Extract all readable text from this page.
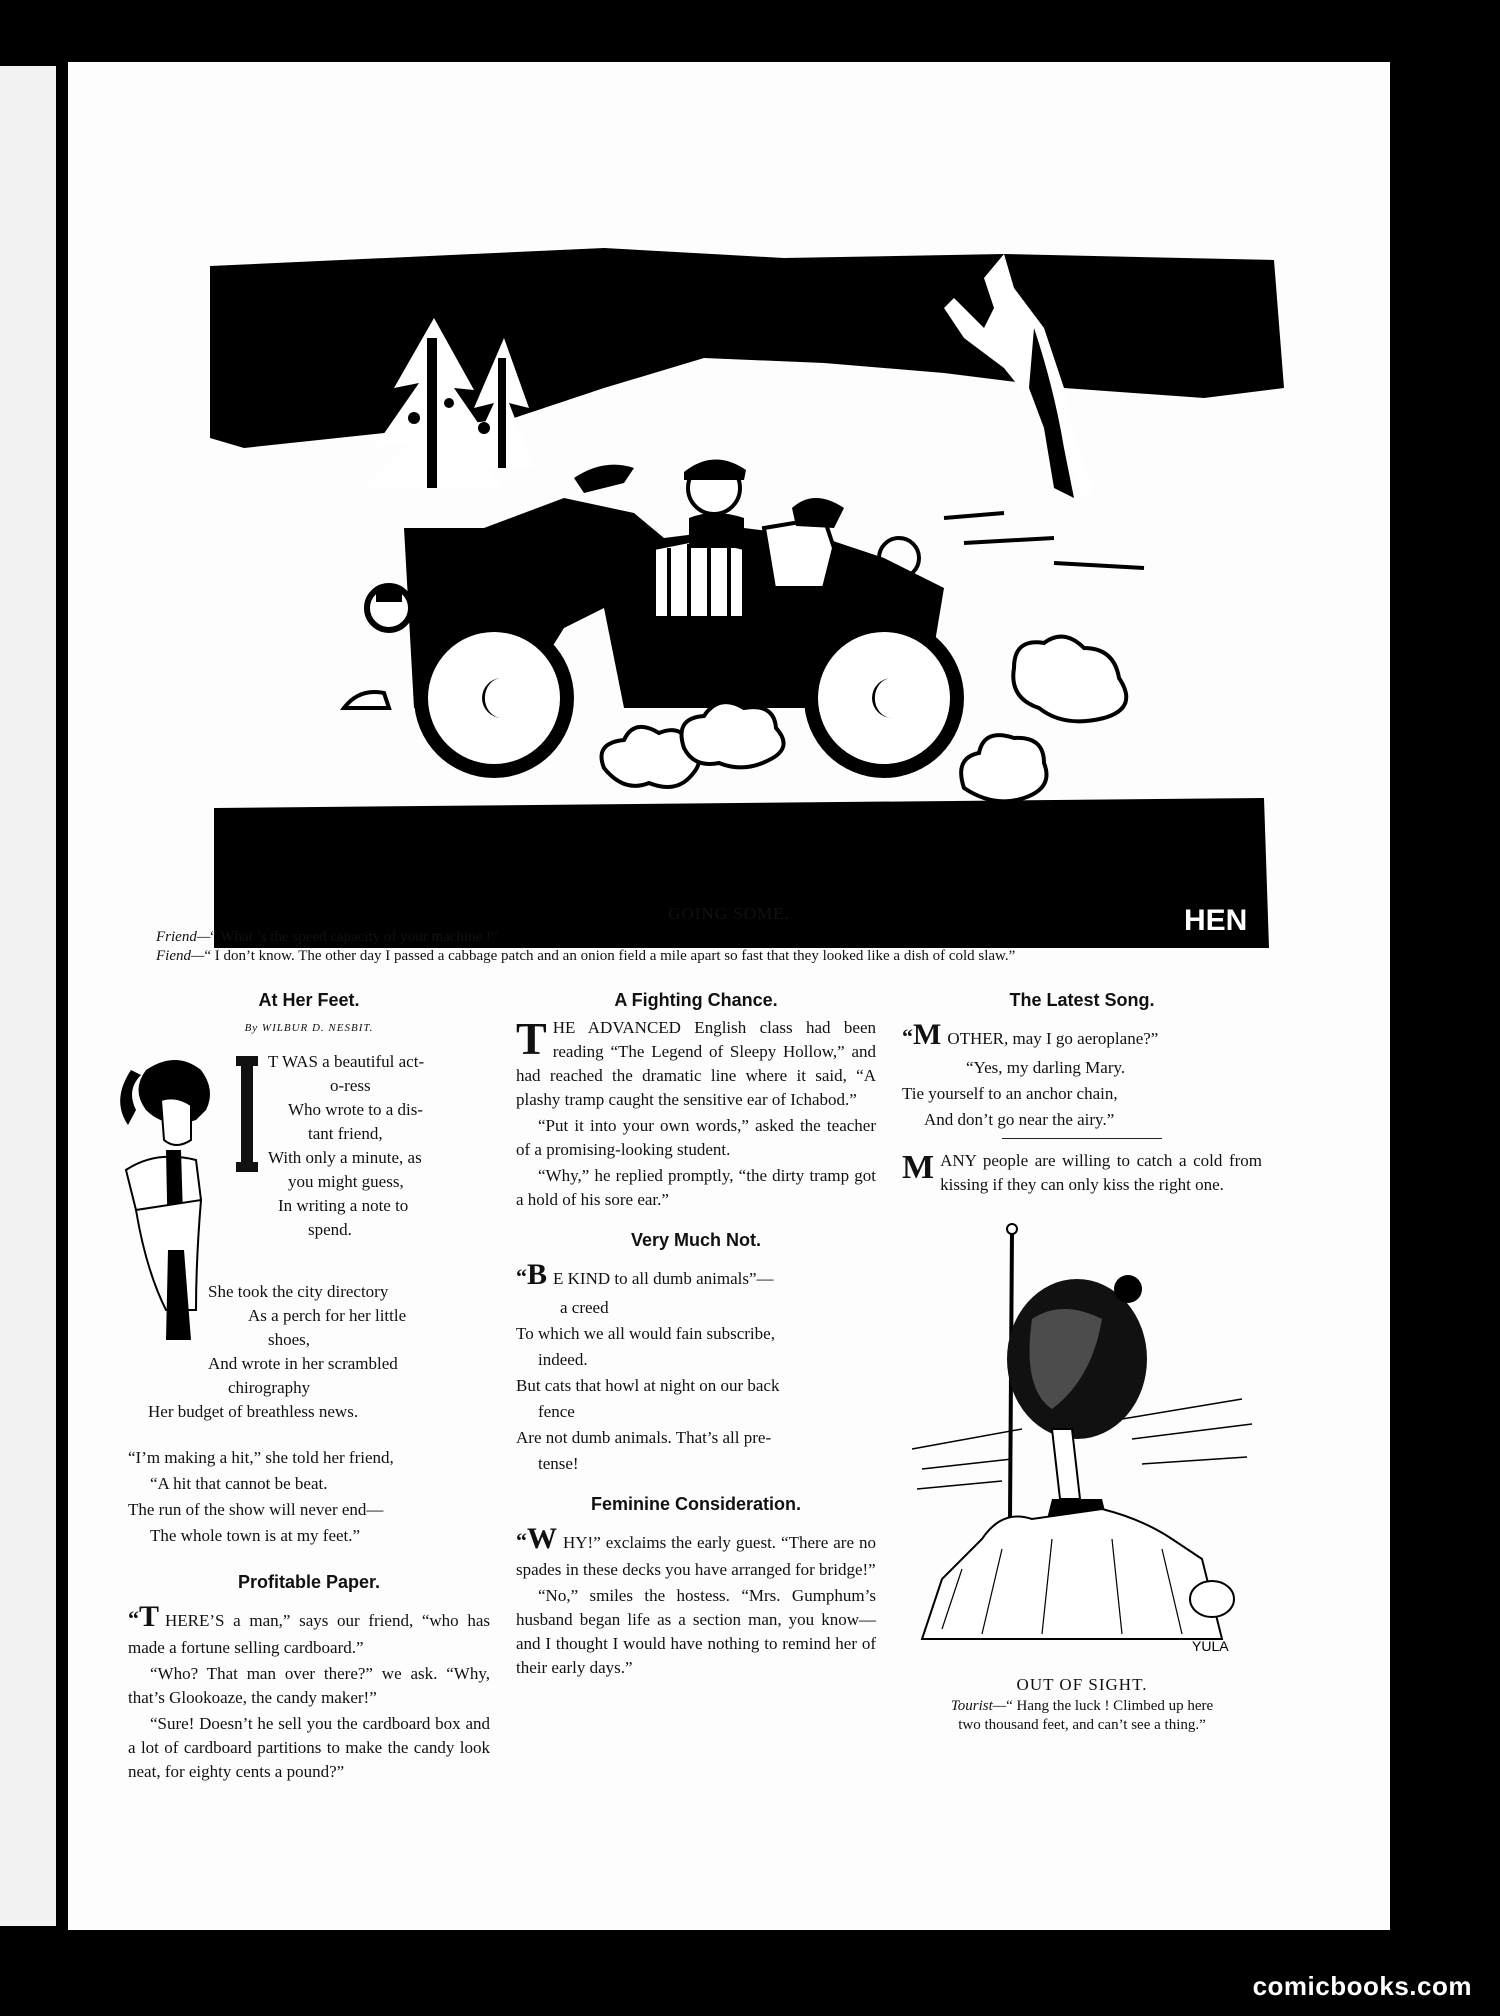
HEN
GOING SOME.
Friend—“ What ’s the speed capacity of your machine !”
Fiend—“ I don’t know. The other day I passed a cabbage patch and an onion field a mile apart so fast that they looked like a dish of cold slaw.”
At Her Feet.
By WILBUR D. NESBIT.

T WAS a beautiful act-

o-ress

Who wrote to a dis-

tant friend,

With only a minute, as

you might guess,

In writing a note to

spend.

She took the city directory

As a perch for her little

shoes,

And wrote in her scrambled

chirography

Her budget of breathless news.

“I’m making a hit,” she told her friend,

“A hit that cannot be beat.

The run of the show will never end—

The whole town is at my feet.”

Profitable Paper.

“T HERE’S a man,” says our friend, “who has made a fortune selling cardboard.”

“Who? That man over there?” we ask. “Why, that’s Glookoaze, the candy maker!”

“Sure! Doesn’t he sell you the cardboard box and a lot of cardboard partitions to make the candy look neat, for eighty cents a pound?”

A Fighting Chance.

THE ADVANCED English class had been reading “The Legend of Sleepy Hollow,” and had reached the dramatic line where it said, “A plashy tramp caught the sensitive ear of Ichabod.”

“Put it into your own words,” asked the teacher of a promising-looking student.

“Why,” he replied promptly, “the dirty tramp got a hold of his sore ear.”

Very Much Not.

“B E KIND to all dumb animals”—

a creed

To which we all would fain subscribe,

indeed.

But cats that howl at night on our back

fence

Are not dumb animals. That’s all pre-

tense!

Feminine Consideration.

“W HY!” exclaims the early guest. “There are no spades in these decks you have arranged for bridge!”

“No,” smiles the hostess. “Mrs. Gumphum’s husband began life as a section man, you know—and I thought I would have nothing to remind her of their early days.”

The Latest Song.

“M OTHER, may I go aeroplane?”

“Yes, my darling Mary.

Tie yourself to an anchor chain,

And don’t go near the airy.”

MANY people are willing to catch a cold from kissing if they can only kiss the right one.

YULA
OUT OF SIGHT.
Tourist—“ Hang the luck ! Climbed up here
two thousand feet, and can’t see a thing.”
comicbooks.com
